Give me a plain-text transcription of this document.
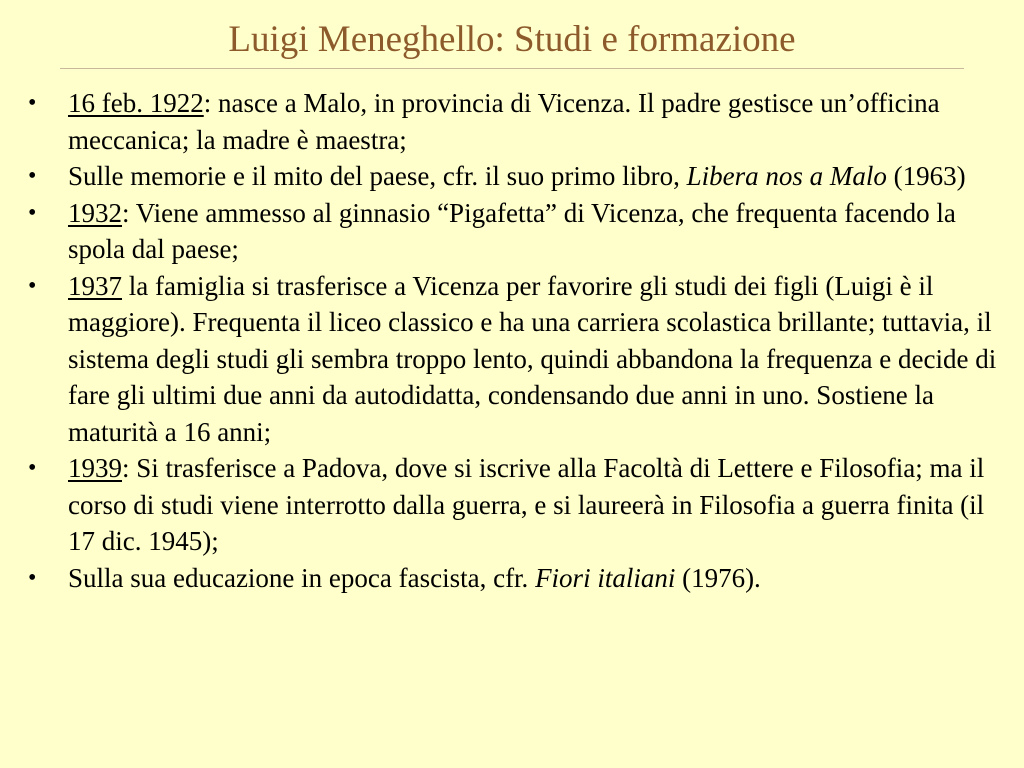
Luigi Meneghello: Studi e formazione
• 16 feb. 1922: nasce a Malo, in provincia di Vicenza. Il padre gestisce un’officina meccanica; la madre è maestra;
• Sulle memorie e il mito del paese, cfr. il suo primo libro, Libera nos a Malo (1963)
• 1932: Viene ammesso al ginnasio “Pigafetta” di Vicenza, che frequenta facendo la spola dal paese;
• 1937 la famiglia si trasferisce a Vicenza per favorire gli studi dei figli (Luigi è il maggiore). Frequenta il liceo classico e ha una carriera scolastica brillante; tuttavia, il sistema degli studi gli sembra troppo lento, quindi abbandona la frequenza e decide di fare gli ultimi due anni da autodidatta, condensando due anni in uno. Sostiene la maturità a 16 anni;
• 1939: Si trasferisce a Padova, dove si iscrive alla Facoltà di Lettere e Filosofia; ma il corso di studi viene interrotto dalla guerra, e si laureerà in Filosofia a guerra finita (il 17 dic. 1945);
• Sulla sua educazione in epoca fascista, cfr. Fiori italiani (1976).
